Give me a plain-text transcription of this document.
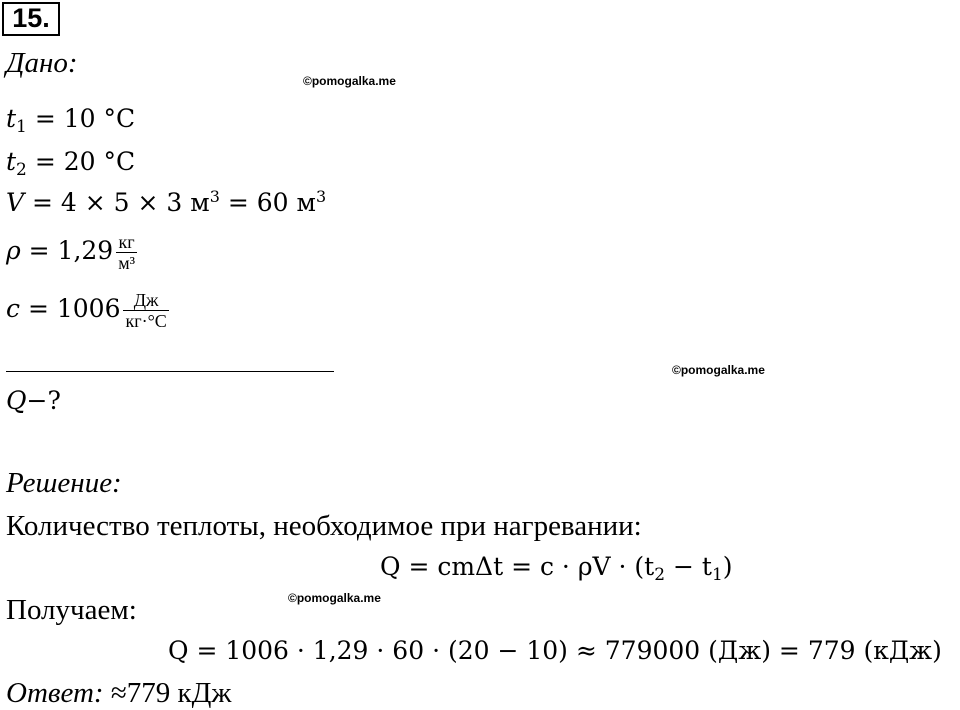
15.
Дано:
©pomogalka.me
$t_1 = 10$ °C
$t_2 = 20$ °C
V = 4 × 5 × 3 $м^3 = 60$ $м^3$
$\rho = 1,29 \frac{кг}{\text{м³}}$
$c = 1006 \frac{Дж}{кг\cdot^\circ C}$
©pomogalka.me
Q−?
Решение:
Количество теплоты, необходимое при нагревании:
$Q = cm\Delta t = c \cdot \rho V \cdot (t_2 - t_1)$
©pomogalka.me
Получаем:
Q = 1006 · 1,29 · 60 · (20 − 10) ≈ 779000 (Дж) = 779 (кДж)
Ответ: ≈779 кДж
